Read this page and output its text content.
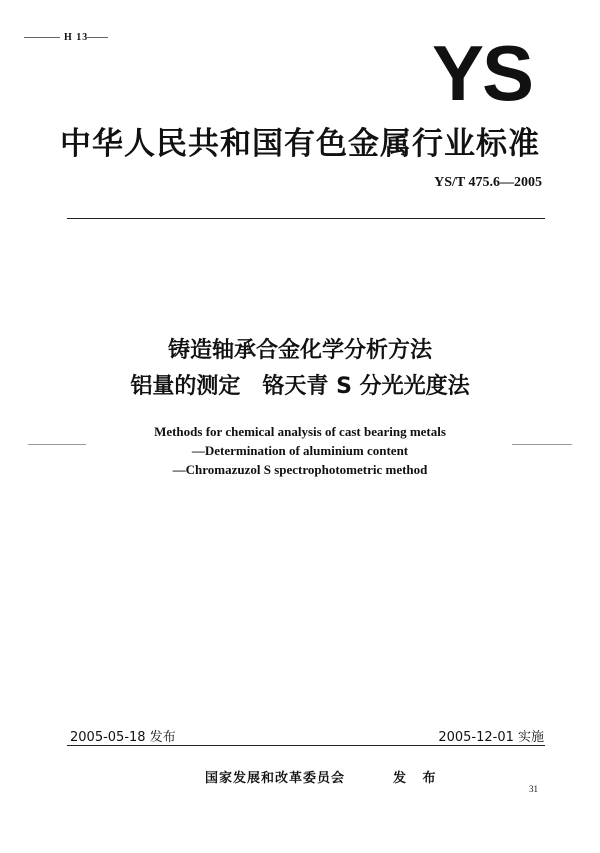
H 13	YS
中华人民共和国有色金属行业标准
YS/T 475.6—2005
铸造轴承合金化学分析方法
铝量的测定　铬天青 S 分光光度法
Methods for chemical analysis of cast bearing metals
—Determination of aluminium content
—Chromazuzol S spectrophotometric method
2005-05-18 发布	2005-12-01 实施
国家发展和改革委员会	发 布
31
